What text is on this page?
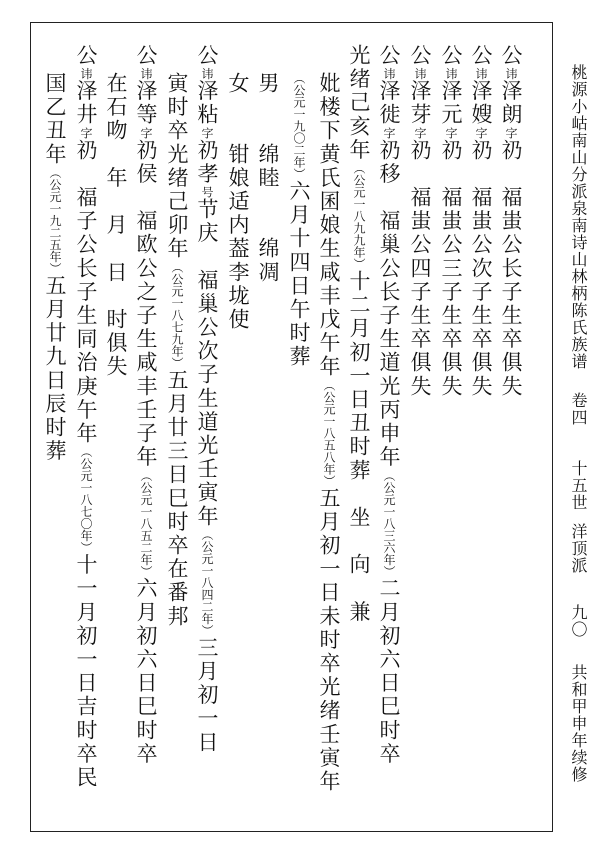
公讳泽朗字礽　福蚩公长子生卒俱失
公讳泽嫂字礽　福蚩公次子生卒俱失
公讳泽元字礽　福蚩公三子生卒俱失
公讳泽芽字礽　福蚩公四子生卒俱失
公讳泽徙字礽移　福巢公长子生道光丙申年（公元一八三六年）二月初六日巳时卒
光绪己亥年（公元一八九九年）十二月初一日丑时葬　坐　向　兼
妣楼下黄氏囷娘生咸丰戊午年（公元一八五八年）五月初一日未时卒光绪壬寅年
（公元一九〇二年）六月十四日午时葬
男　　绵睦　　绵凋
女　　钳娘适内葢李垅使
公讳泽粘字礽孝号节庆　福巢公次子生道光壬寅年（公元一八四二年）三月初一日
寅时卒光绪己卯年（公元一八七九年）五月廿三日巳时卒在番邦
公讳泽等字礽侯　福欧公之子生咸丰壬子年（公元一八五二年）六月初六日巳时卒
在石吻　年　月　日　时俱失
公讳泽井字礽　福子公长子生同治庚午年（公元一八七〇年）十一月初一日吉时卒民
国乙丑年（公元一九二五年）五月廿九日辰时葬	桃源小岵南山分派泉南诗山林柄陈氏族谱卷四十五世洋顶派九〇共和甲申年续修
